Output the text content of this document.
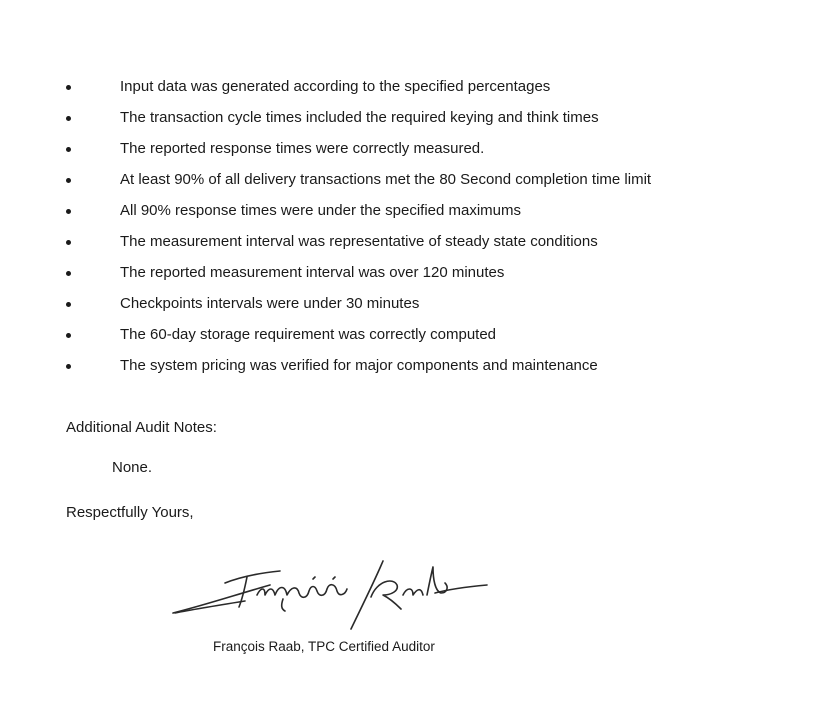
Input data was generated according to the specified percentages
The transaction cycle times included the required keying and think times
The reported response times were correctly measured.
At least 90% of all delivery transactions met the 80 Second completion time limit
All 90% response times were under the specified maximums
The measurement interval was representative of steady state conditions
The reported measurement interval was over 120 minutes
Checkpoints intervals were under 30 minutes
The 60-day storage requirement was correctly computed
The system pricing was verified for major components and maintenance
Additional Audit Notes:
None.
Respectfully Yours,
François Raab, TPC Certified Auditor
